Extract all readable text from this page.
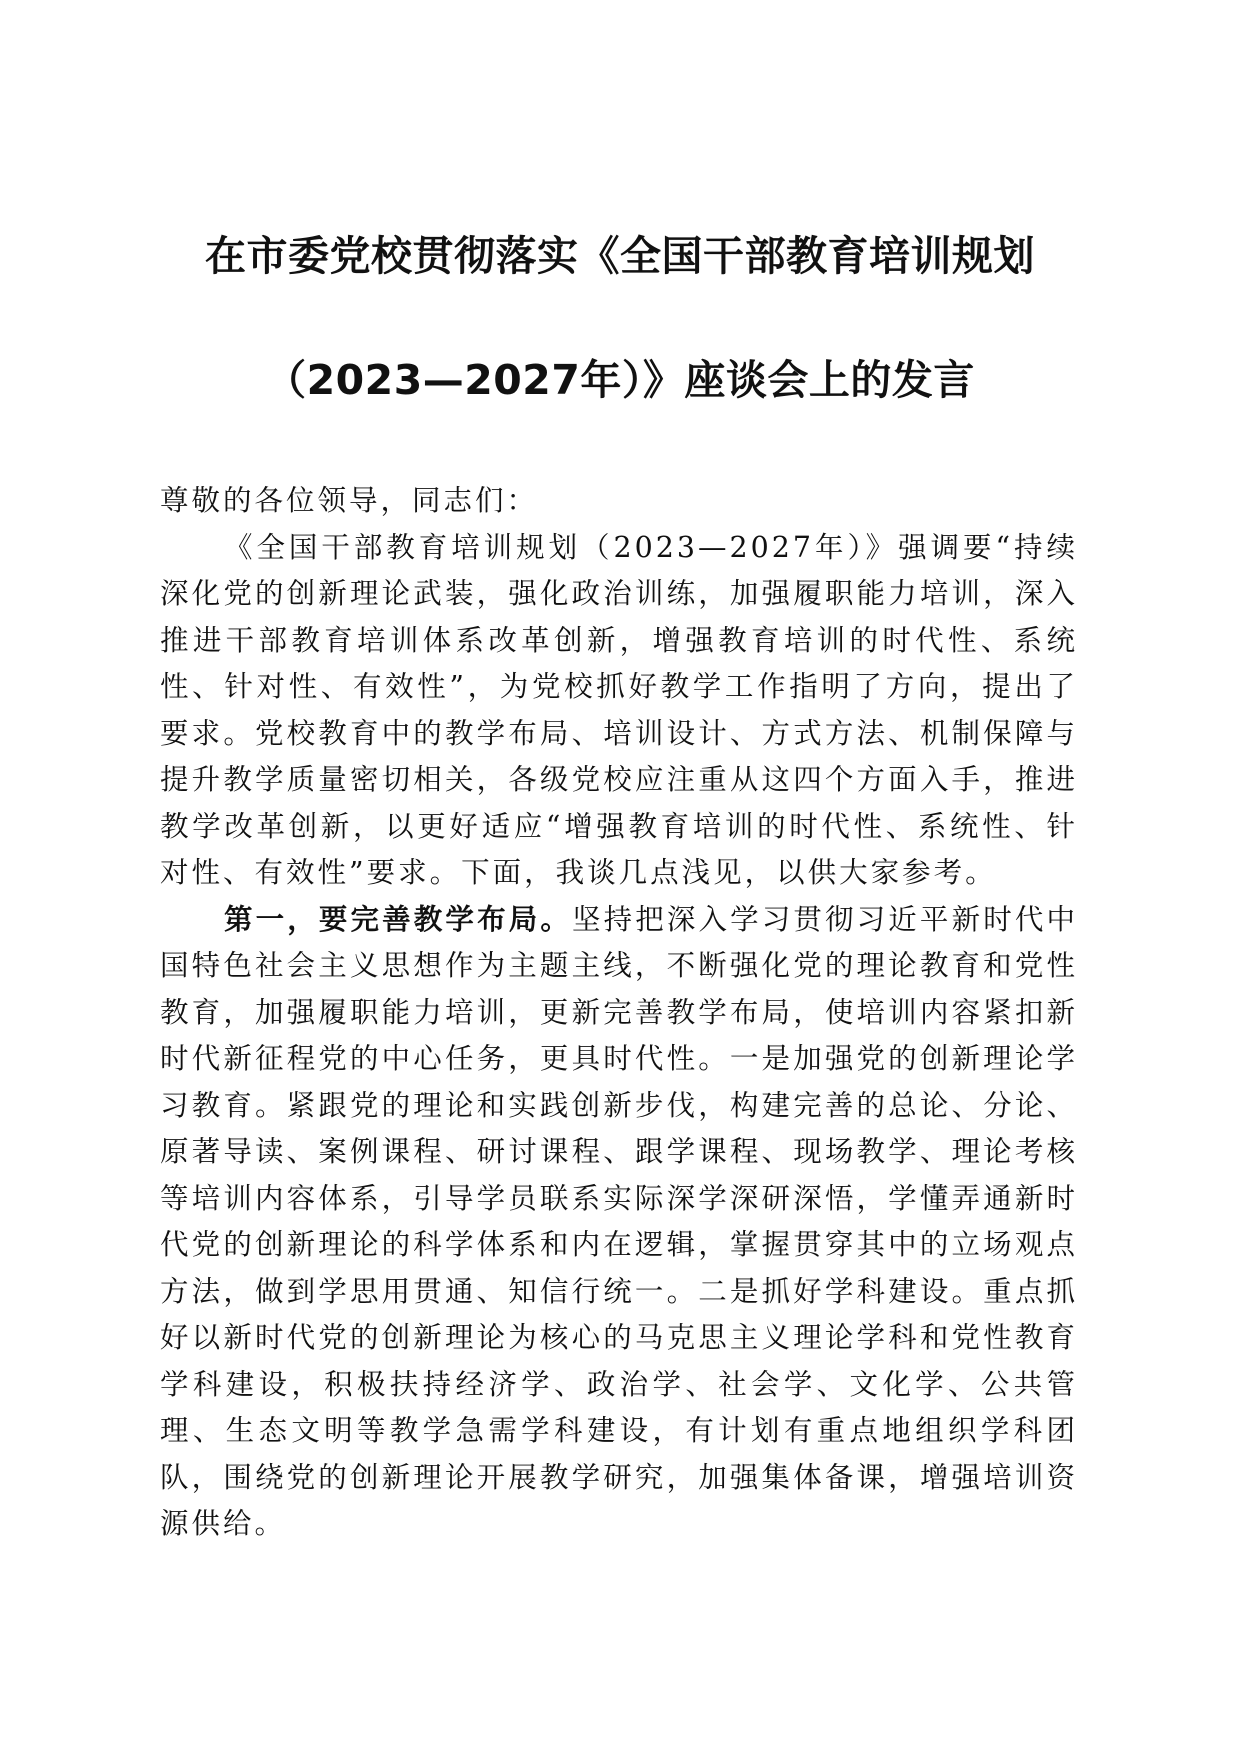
在市委党校贯彻落实《全国干部教育培训规划
（2023—2027年）》座谈会上的发言

尊敬的各位领导，同志们：

《全国干部教育培训规划（2023—2027年）》强调要“持续深化党的创新理论武装，强化政治训练，加强履职能力培训，深入推进干部教育培训体系改革创新，增强教育培训的时代性、系统性、针对性、有效性”，为党校抓好教学工作指明了方向，提出了要求。党校教育中的教学布局、培训设计、方式方法、机制保障与提升教学质量密切相关，各级党校应注重从这四个方面入手，推进教学改革创新，以更好适应“增强教育培训的时代性、系统性、针对性、有效性”要求。下面，我谈几点浅见，以供大家参考。

第一，要完善教学布局。坚持把深入学习贯彻习近平新时代中国特色社会主义思想作为主题主线，不断强化党的理论教育和党性教育，加强履职能力培训，更新完善教学布局，使培训内容紧扣新时代新征程党的中心任务，更具时代性。一是加强党的创新理论学习教育。紧跟党的理论和实践创新步伐，构建完善的总论、分论、原著导读、案例课程、研讨课程、跟学课程、现场教学、理论考核等培训内容体系，引导学员联系实际深学深研深悟，学懂弄通新时代党的创新理论的科学体系和内在逻辑，掌握贯穿其中的立场观点方法，做到学思用贯通、知信行统一。二是抓好学科建设。重点抓好以新时代党的创新理论为核心的马克思主义理论学科和党性教育学科建设，积极扶持经济学、政治学、社会学、文化学、公共管理、生态文明等教学急需学科建设，有计划有重点地组织学科团队，围绕党的创新理论开展教学研究，加强集体备课，增强培训资源供给。
